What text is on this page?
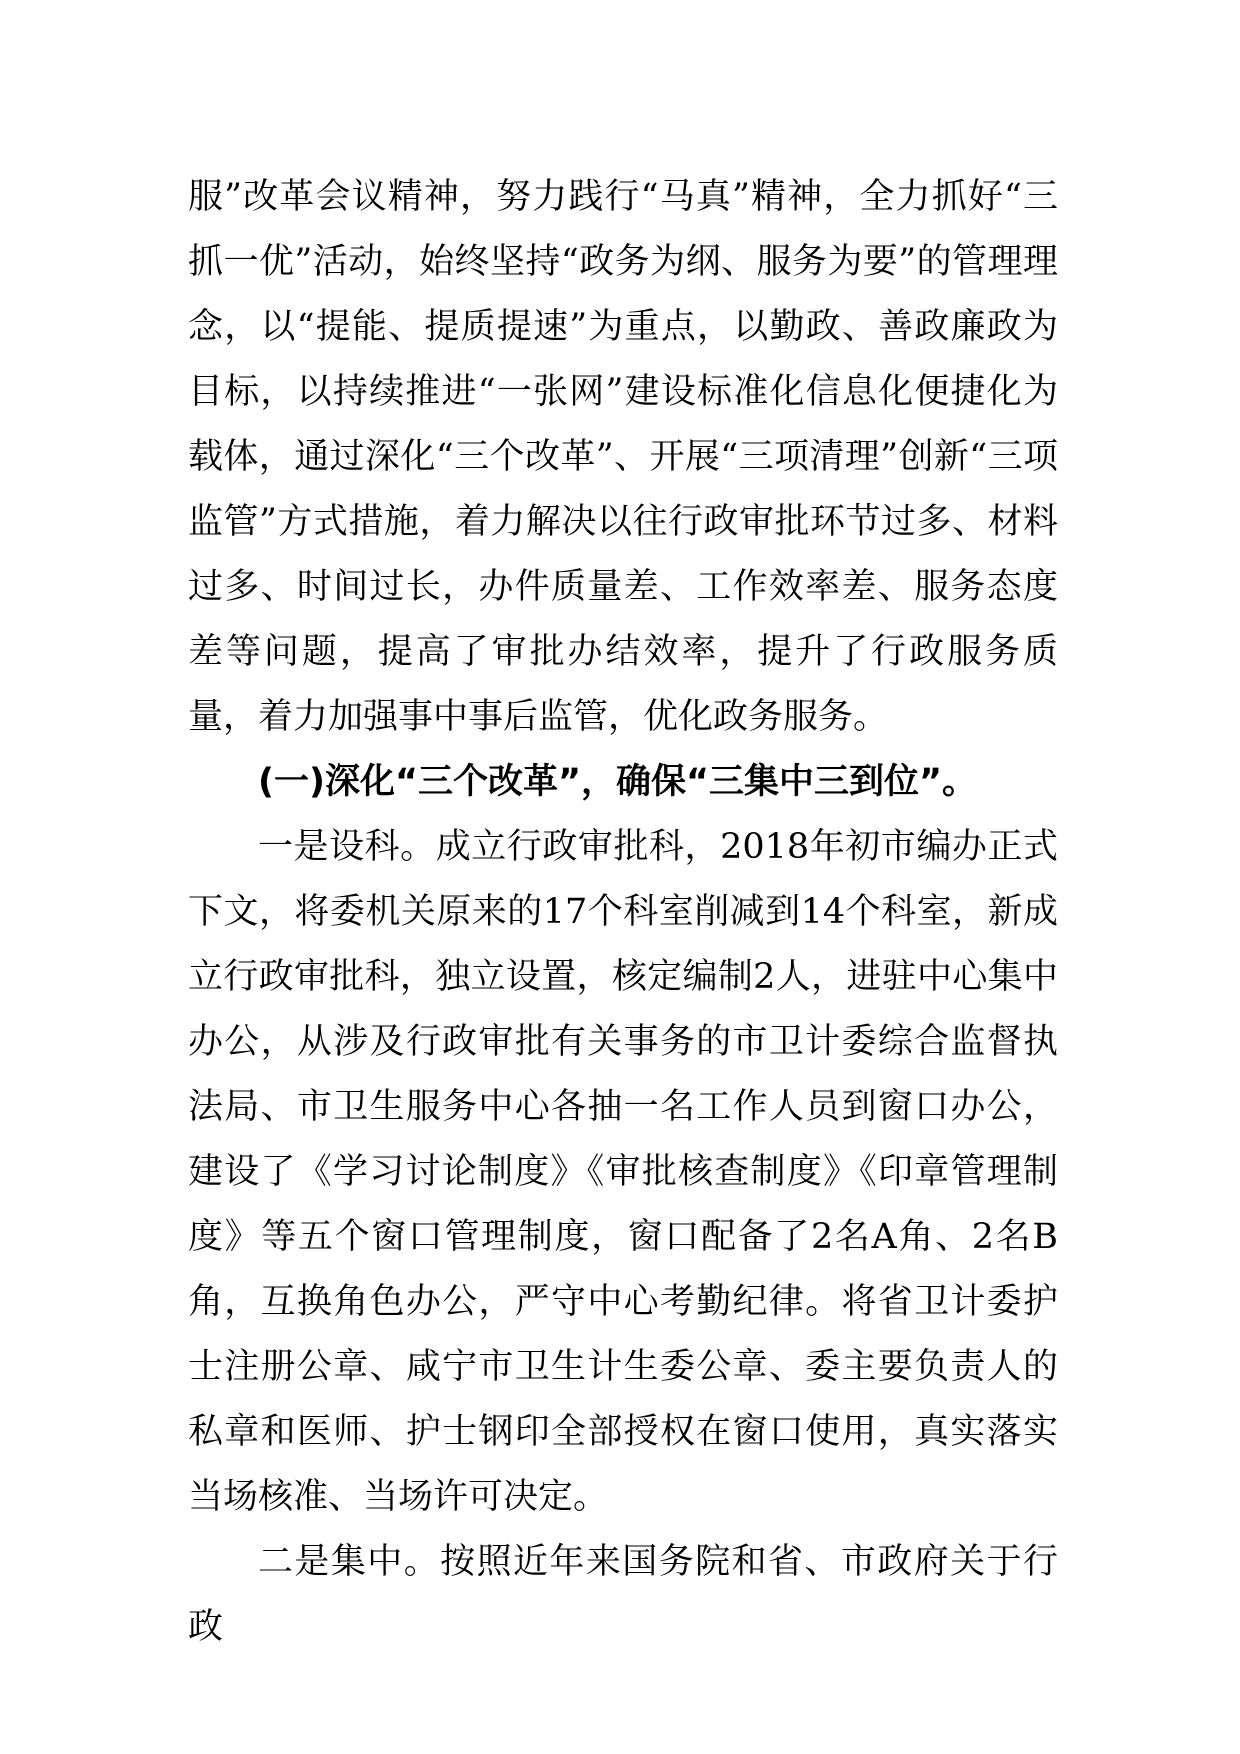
服”改革会议精神，努力践行“马真”精神，全力抓好“三抓一优”活动，始终坚持“政务为纲、服务为要”的管理理念，以“提能、提质提速”为重点，以勤政、善政廉政为目标，以持续推进“一张网”建设标准化信息化便捷化为载体，通过深化“三个改革”、开展“三项清理”创新“三项监管”方式措施，着力解决以往行政审批环节过多、材料过多、时间过长，办件质量差、工作效率差、服务态度差等问题，提高了审批办结效率，提升了行政服务质量，着力加强事中事后监管，优化政务服务。

(一)深化“三个改革”，确保“三集中三到位”。

一是设科。成立行政审批科，2018年初市编办正式下文，将委机关原来的17个科室削减到14个科室，新成立行政审批科，独立设置，核定编制2人，进驻中心集中办公，从涉及行政审批有关事务的市卫计委综合监督执法局、市卫生服务中心各抽一名工作人员到窗口办公，建设了《学习讨论制度》《审批核查制度》《印章管理制度》等五个窗口管理制度，窗口配备了2名A角、2名B角，互换角色办公，严守中心考勤纪律。将省卫计委护士注册公章、咸宁市卫生计生委公章、委主要负责人的私章和医师、护士钢印全部授权在窗口使用，真实落实当场核准、当场许可决定。

二是集中。按照近年来国务院和省、市政府关于行政
